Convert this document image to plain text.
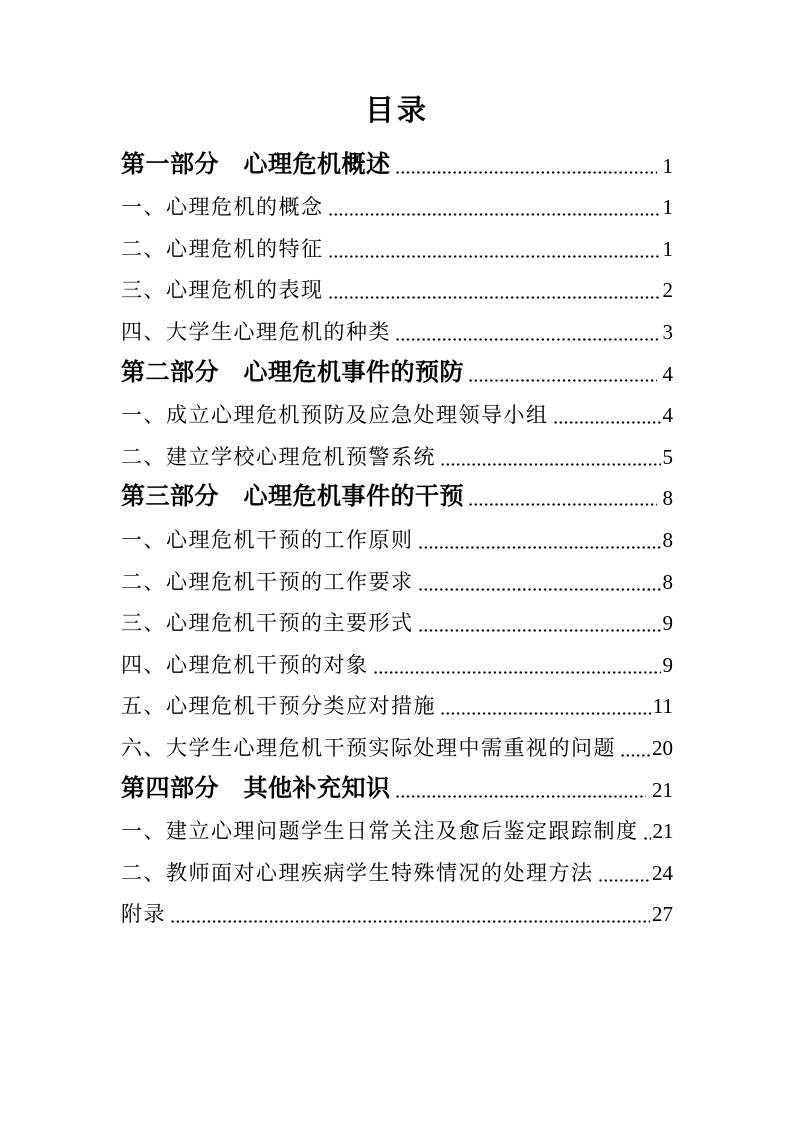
目录
第一部分　心理危机概述	1
一、心理危机的概念	1
二、心理危机的特征	1
三、心理危机的表现	2
四、大学生心理危机的种类	3
第二部分　心理危机事件的预防	4
一、成立心理危机预防及应急处理领导小组	4
二、建立学校心理危机预警系统	5
第三部分　心理危机事件的干预	8
一、心理危机干预的工作原则	8
二、心理危机干预的工作要求	8
三、心理危机干预的主要形式	9
四、心理危机干预的对象	9
五、心理危机干预分类应对措施	11
六、大学生心理危机干预实际处理中需重视的问题 20
第四部分　其他补充知识	21
一、建立心理问题学生日常关注及愈后鉴定跟踪制度 21
二、教师面对心理疾病学生特殊情况的处理方法	24
附录	27
